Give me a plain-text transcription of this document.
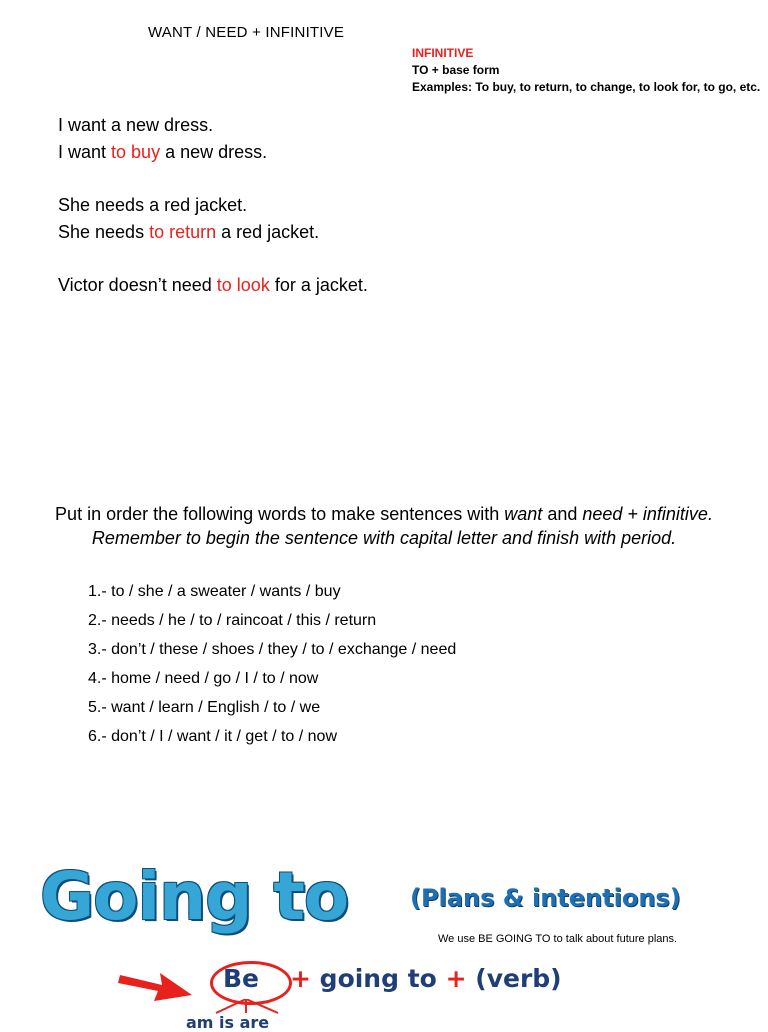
WANT / NEED + INFINITIVE
INFINITIVE
TO + base form
Examples: To buy, to return, to change, to look for, to go, etc.
I want a new dress.
I want to buy a new dress.
She needs a red jacket.
She needs to return a red jacket.
Victor doesn’t need to look for a jacket.
Put in order the following words to make sentences with want and need + infinitive.
Remember to begin the sentence with capital letter and finish with period.
1.- to / she / a sweater / wants / buy
2.- needs / he / to / raincoat / this / return
3.- don’t / these / shoes / they / to / exchange / need
4.- home / need / go / I / to / now
5.- want / learn / English / to / we
6.- don’t / I / want / it / get / to / now
Going to	(Plans & intentions)
We use BE GOING TO to talk about future plans.
Be + going to + (verb)
am is are
